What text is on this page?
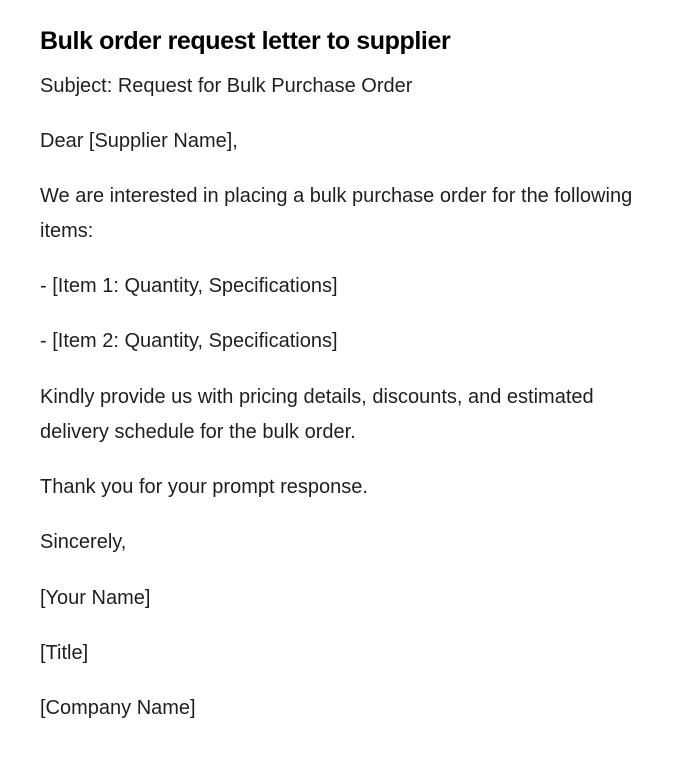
Bulk order request letter to supplier

Subject: Request for Bulk Purchase Order

Dear [Supplier Name],

We are interested in placing a bulk purchase order for the following items:

- [Item 1: Quantity, Specifications]

- [Item 2: Quantity, Specifications]

Kindly provide us with pricing details, discounts, and estimated delivery schedule for the bulk order.

Thank you for your prompt response.

Sincerely,

[Your Name]

[Title]

[Company Name]
